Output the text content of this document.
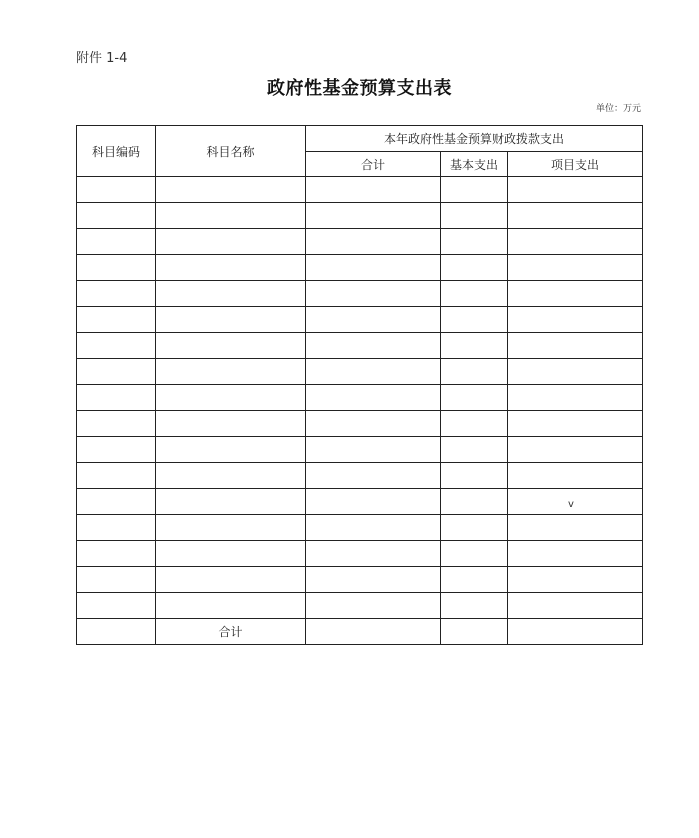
附件 1-4
政府性基金预算支出表
单位：万元
科目编码	科目名称	本年政府性基金预算财政拨款支出		
		合计	基本支出	项目支出

				v

	合计			
